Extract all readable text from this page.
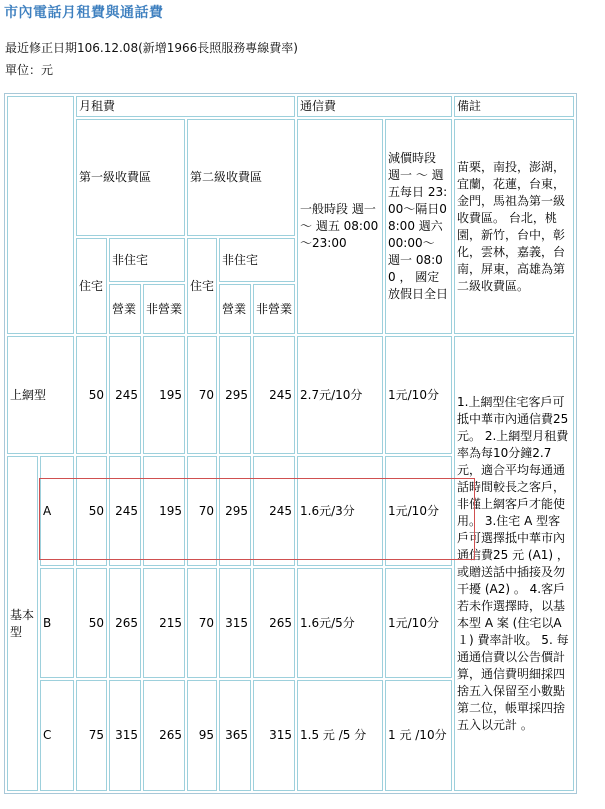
市內電話月租費與通話費
最近修正日期106.12.08(新增1966長照服務專線費率)
單位：元
		月租費						通信費		備註
		第一級收費區			第二級收費區			一般時段 週一 ～ 週五 08:00～23:00	減價時段 週一 ～ 週五每日 23:00～隔日08:00 週六 00:00～ 週一 08:00 ， 國定放假日全日	苗栗，南投，澎湖，宜蘭，花蓮，台東，金門，馬祖為第一級收費區。 台北，桃園，新竹，台中，彰化，雲林，嘉義，台南，屏東，高雄為第二級收費區。
		住宅	非住宅		住宅	非住宅				
			營業	非營業		營業	非營業			
上網型		50	245	195	70	295	245	2.7元/10分	1元/10分	1.上網型住宅客戶可抵中華市內通信費25 元。 2.上網型月租費率為每10分鐘2.7元，適合平均每通通話時間較長之客戶，非僅上網客戶才能使用。 3.住宅 A 型客戶可選擇抵中華市內通信費25 元 (A1) ，或贈送話中插接及勿干擾 (A2) 。 4.客戶若未作選擇時，以基本型 A 案 (住宅以A１) 費率計收。 5. 每通通信費以公告價計算，通信費明細採四捨五入保留至小數點第二位，帳單採四捨五入以元計 。
基本型	A	50	245	195	70	295	245	1.6元/3分	1元/10分	
	B	50	265	215	70	315	265	1.6元/5分	1元/10分	
	C	75	315	265	95	365	315	1.5 元 /5 分	1 元 /10分	
